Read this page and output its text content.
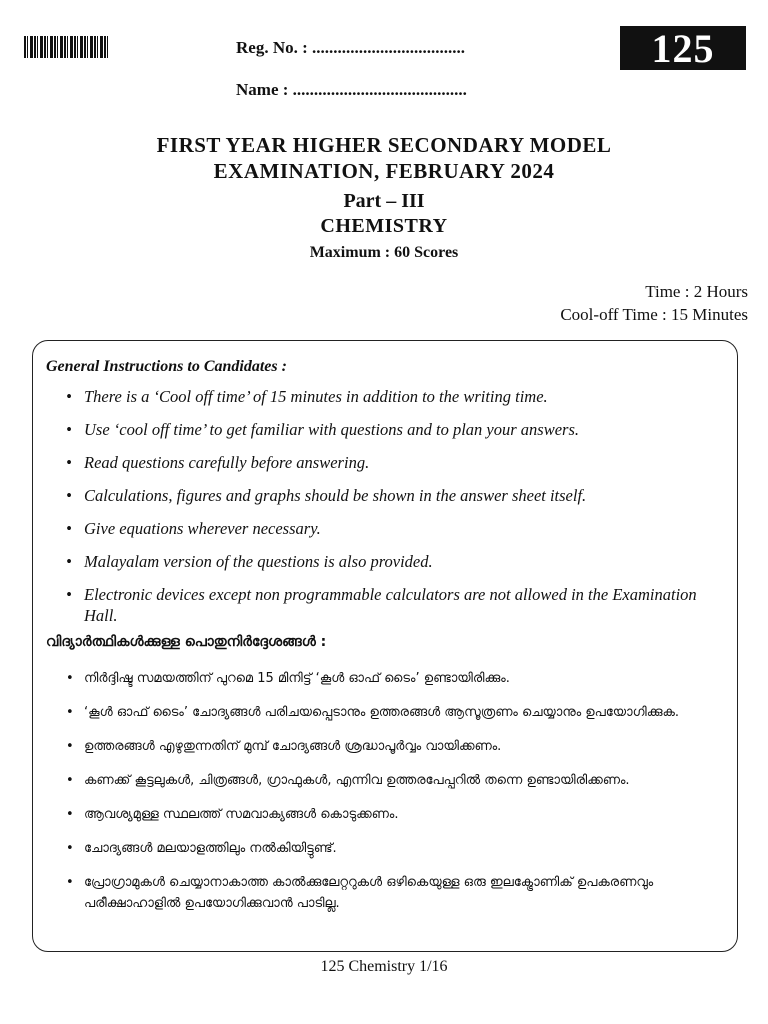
Reg. No. : ....................................
Name : .........................................
125
FIRST YEAR HIGHER SECONDARY MODEL
EXAMINATION, FEBRUARY 2024
Part – III
CHEMISTRY
Maximum : 60 Scores
Time : 2 Hours
Cool-off Time : 15 Minutes
General Instructions to Candidates :
• There is a ‘Cool off time’ of 15 minutes in addition to the writing time.
• Use ‘cool off time’ to get familiar with questions and to plan your answers.
• Read questions carefully before answering.
• Calculations, figures and graphs should be shown in the answer sheet itself.
• Give equations wherever necessary.
• Malayalam version of the questions is also provided.
• Electronic devices except non programmable calculators are not allowed in the Examination Hall.
വിദ്യാർത്ഥികൾക്കുള്ള പൊതുനിർദ്ദേശങ്ങൾ :
• നിർദ്ദിഷ്ട സമയത്തിന് പുറമെ 15 മിനിട്ട് ‘കൂൾ ഓഫ് ടൈം’ ഉണ്ടായിരിക്കും.
• ‘കൂൾ ഓഫ് ടൈം’ ചോദ്യങ്ങൾ പരിചയപ്പെടാനും ഉത്തരങ്ങൾ ആസൂത്രണം ചെയ്യാനും ഉപയോഗിക്കുക.
• ഉത്തരങ്ങൾ എഴുതുന്നതിന് മുമ്പ് ചോദ്യങ്ങൾ ശ്രദ്ധാപൂർവ്വം വായിക്കണം.
• കണക്ക് കൂട്ടലുകൾ, ചിത്രങ്ങൾ, ഗ്രാഫുകൾ, എന്നിവ ഉത്തരപേപ്പറിൽ തന്നെ ഉണ്ടായിരിക്കണം.
• ആവശ്യമുള്ള സ്ഥലത്ത് സമവാക്യങ്ങൾ കൊടുക്കണം.
• ചോദ്യങ്ങൾ മലയാളത്തിലും നൽകിയിട്ടുണ്ട്.
• പ്രോഗ്രാമുകൾ ചെയ്യാനാകാത്ത കാൽക്കുലേറ്ററുകൾ ഒഴികെയുള്ള ഒരു ഇലക്ട്രോണിക് ഉപകരണവും പരീക്ഷാഹാളിൽ ഉപയോഗിക്കുവാൻ പാടില്ല.
125 Chemistry 1/16
